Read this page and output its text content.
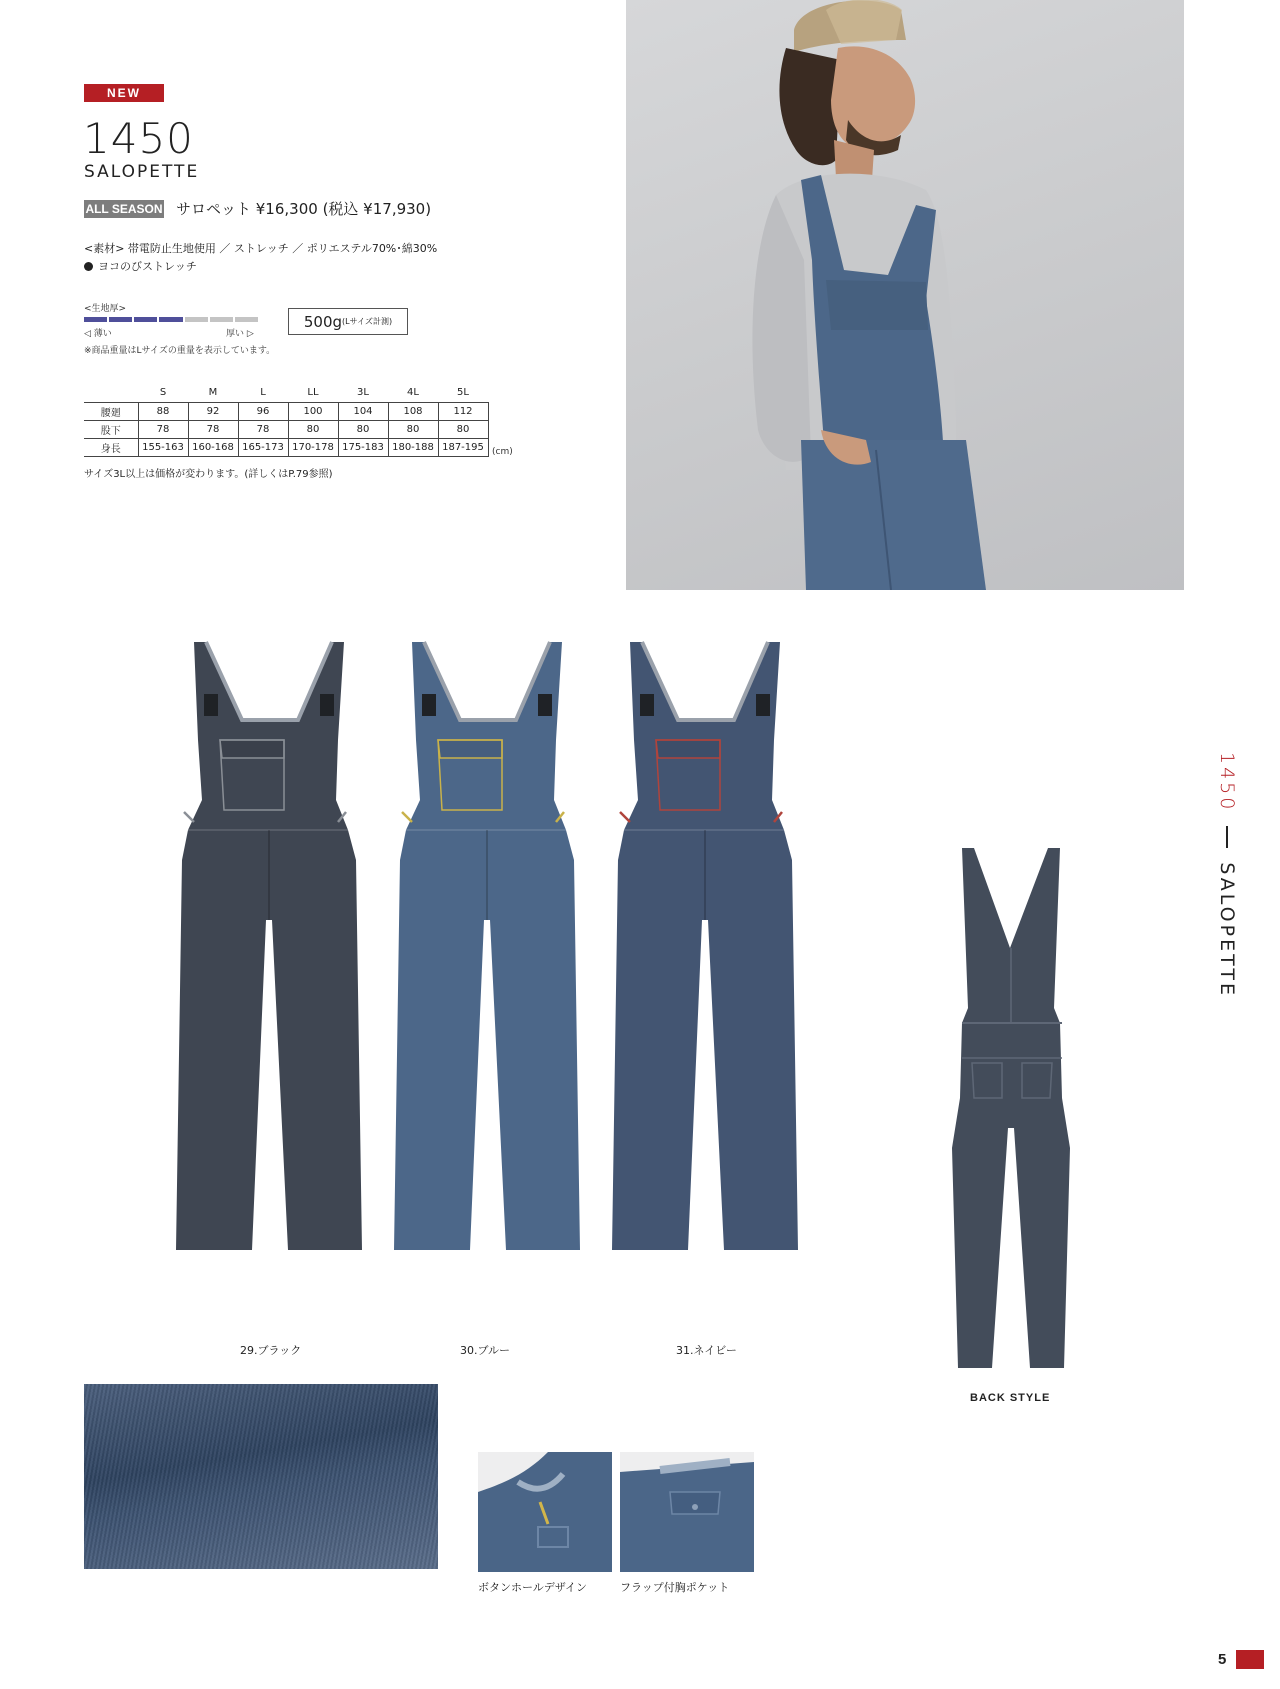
NEW
1450
SALOPETTE
ALL SEASON サロペット ¥16,300 (税込 ¥17,930)
<素材> 帯電防止生地使用 ／ ストレッチ ／ ポリエステル70%･綿30%
ヨコのびストレッチ
<生地厚>
◁ 薄い	厚い ▷
500g (Lサイズ計測)
※商品重量はLサイズの重量を表示しています。
	S	M	L	LL	3L	4L	5L
腰廻	88	92	96	100	104	108	112
股下	78	78	78	80	80	80	80
身長	155-163	160-168	165-173	170-178	175-183	180-188	187-195 (cm)
サイズ3L以上は価格が変わります。(詳しくはP.79参照)
29.ブラック	30.ブルー	31.ネイビー
BACK STYLE
1450
SALOPETTE
ボタンホールデザイン	フラップ付胸ポケット
5
